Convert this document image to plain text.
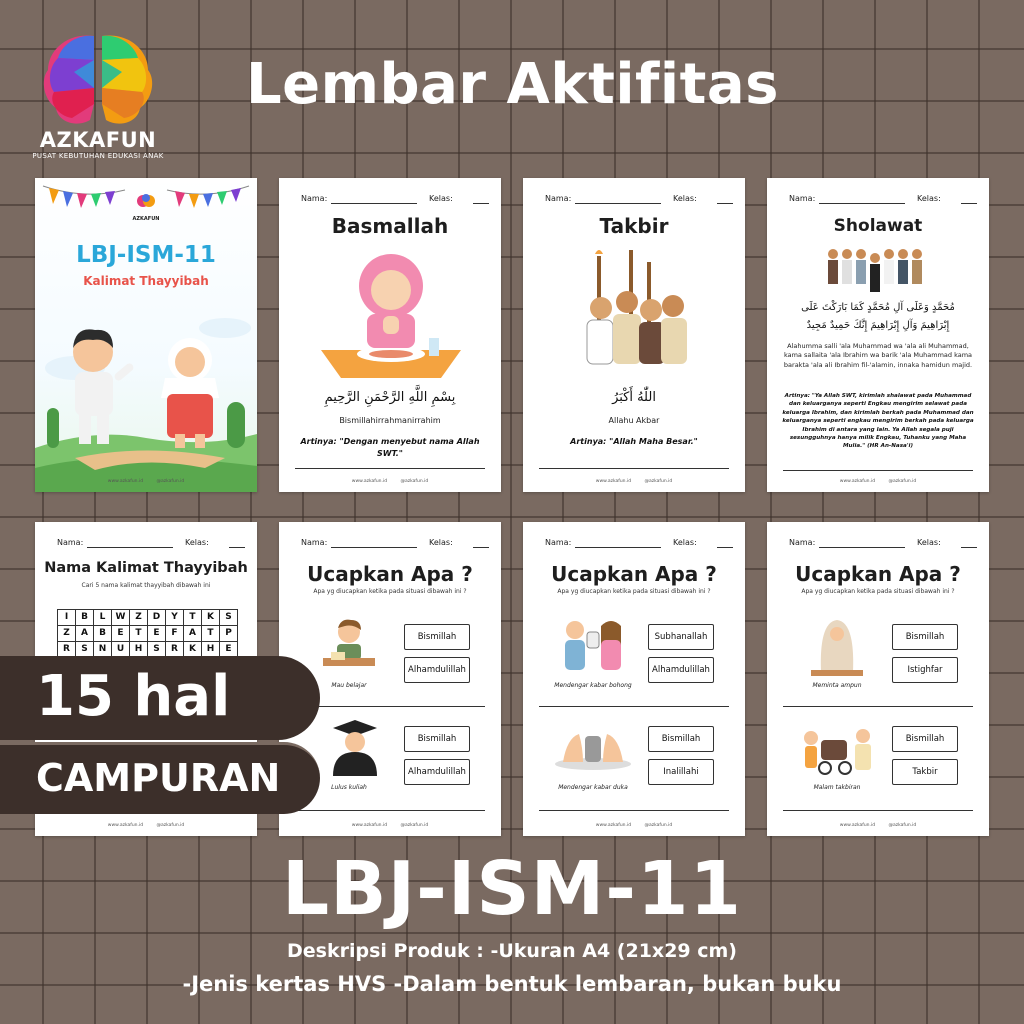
AZKAFUN
PUSAT KEBUTUHAN EDUKASI ANAK
Lembar Aktifitas
AZKAFUN
LBJ-ISM-11
Kalimat Thayyibah
www.azkafun.id	@azkafun.id
Nama:	Kelas:
Basmallah
بِسْمِ اللَّهِ الرَّحْمَنِ الرَّحِيمِ
Bismillahirrahmanirrahim
Artinya: "Dengan menyebut nama Allah SWT."
www.azkafun.id	@azkafun.id
Nama:	Kelas:
Takbir
اللّٰهُ أَكْبَرُ
Allahu Akbar
Artinya: "Allah Maha Besar."
www.azkafun.id	@azkafun.id
Nama:	Kelas:
Sholawat
مُحَمَّدٍ وَعَلَى آلِ مُحَمَّدٍ كَمَا بَارَكْتَ عَلَى
إِبْرَاهِيمَ وَآلِ إِبْرَاهِيمَ إِنَّكَ حَمِيدٌ مَجِيدٌ
Alahumma salli 'ala Muhammad wa 'ala ali Muhammad, kama sallaita 'ala Ibrahim wa barik 'ala Muhammad kama barakta 'ala ali Ibrahim fil-'alamin, innaka hamidun majid.
Artinya: "Ya Allah SWT, kirimlah shalawat pada Muhammad dan keluarganya seperti Engkau mengirim selawat pada keluarga Ibrahim, dan kirimlah berkah pada Muhammad dan keluarganya seperti engkau mengirim berkah pada keluarga Ibrahim di antara yang lain. Ya Allah segala puji sesungguhnya hanya milik Engkau, Tuhanku yang Maha Mulia." (HR An-Nasa'i)
www.azkafun.id	@azkafun.id
Nama:	Kelas:
Nama Kalimat Thayyibah
Cari 5 nama kalimat thayyibah dibawah ini
I	B	L	W	Z	D	Y	T	K	S
Z	A	B	E	T	E	F	A	T	P
R	S	N	U	H	S	R	K	H	E
www.azkafun.id	@azkafun.id
Nama:	Kelas:
Ucapkan Apa ?
Apa yg diucapkan ketika pada situasi dibawah ini ?
Mau belajar
Bismillah
Alhamdulillah
Lulus kuliah
Bismillah
Alhamdulillah
www.azkafun.id	@azkafun.id
Nama:	Kelas:
Ucapkan Apa ?
Apa yg diucapkan ketika pada situasi dibawah ini ?
Mendengar kabar bohong
Subhanallah
Alhamdulillah
Mendengar kabar duka
Bismillah
Inalillahi
www.azkafun.id	@azkafun.id
Nama:	Kelas:
Ucapkan Apa ?
Apa yg diucapkan ketika pada situasi dibawah ini ?
Meminta ampun
Bismillah
Istighfar
Malam takbiran
Bismillah
Takbir
www.azkafun.id	@azkafun.id
15 hal
CAMPURAN
LBJ-ISM-11
Deskripsi Produk : -Ukuran A4 (21x29 cm)
-Jenis kertas HVS -Dalam bentuk lembaran, bukan buku
